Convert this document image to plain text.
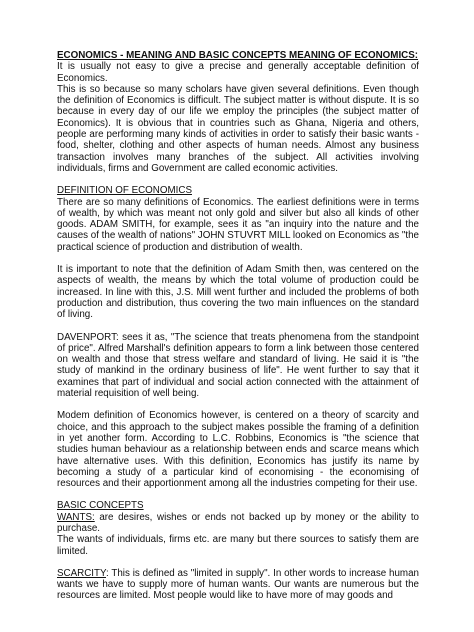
ECONOMICS - MEANING AND BASIC CONCEPTS MEANING OF ECONOMICS:

It is usually not easy to give a precise and generally acceptable definition of Economics.

This is so because so many scholars have given several definitions. Even though the definition of Economics is difficult. The subject matter is without dispute. It is so because in every day of our life we employ the principles (the subject matter of Economics). It is obvious that in countries such as Ghana, Nigeria and others, people are performing many kinds of activities in order to satisfy their basic wants - food, shelter, clothing and other aspects of human needs. Almost any business transaction involves many branches of the subject. All activities involving individuals, firms and Government are called economic activities.

DEFINITION OF ECONOMICS

There are so many definitions of Economics. The earliest definitions were in terms of wealth, by which was meant not only gold and silver but also all kinds of other goods. ADAM SMITH, for example, sees it as "an inquiry into the nature and the causes of the wealth of nations" JOHN STUVRT MILL looked on Economics as "the practical science of production and distribution of wealth.

It is important to note that the definition of Adam Smith then, was centered on the aspects of wealth, the means by which the total volume of production could be increased. In line with this, J.S. Mill went further and included the problems of both production and distribution, thus covering the two main influences on the standard of living.

DAVENPORT: sees it as, "The science that treats phenomena from the standpoint of price". Alfred Marshall's definition appears to form a link between those centered on wealth and those that stress welfare and standard of living. He said it is "the study of mankind in the ordinary business of life". He went further to say that it examines that part of individual and social action connected with the attainment of material requisition of well being.

Modem definition of Economics however, is centered on a theory of scarcity and choice, and this approach to the subject makes possible the framing of a definition in yet another form. According to L.C. Robbins, Economics is "the science that studies human behaviour as a relationship between ends and scarce means which have alternative uses. With this definition, Economics has justify its name by becoming a study of a particular kind of economising - the economising of resources and their apportionment among all the industries competing for their use.

BASIC CONCEPTS

WANTS: are desires, wishes or ends not backed up by money or the ability to purchase.

The wants of individuals, firms etc. are many but there sources to satisfy them are limited.

SCARCITY: This is defined as "limited in supply". In other words to increase human wants we have to supply more of human wants. Our wants are numerous but the resources are limited. Most people would like to have more of may goods and
